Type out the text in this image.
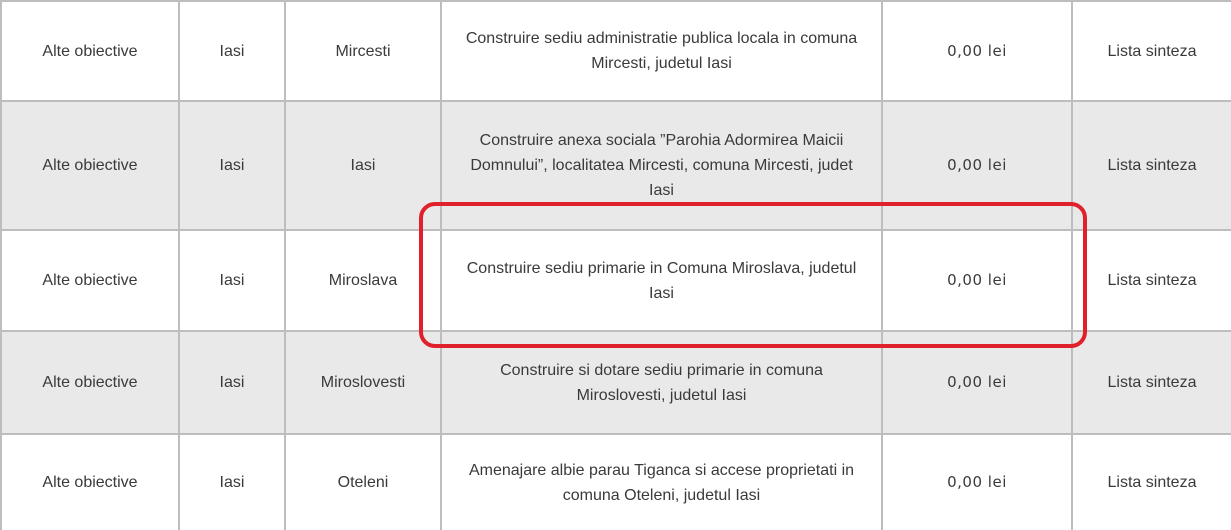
Alte obiective	Iasi	Mircesti	Construire sediu administratie publica locala in comuna Mircesti, judetul Iasi	0,00 lei	Lista sinteza
Alte obiective	Iasi	Iasi	Construire anexa sociala ”Parohia Adormirea Maicii Domnului”, localitatea Mircesti, comuna Mircesti, judet Iasi	0,00 lei	Lista sinteza
Alte obiective	Iasi	Miroslava	Construire sediu primarie in Comuna Miroslava, judetul Iasi	0,00 lei	Lista sinteza
Alte obiective	Iasi	Miroslovesti	Construire si dotare sediu primarie in comuna Miroslovesti, judetul Iasi	0,00 lei	Lista sinteza
Alte obiective	Iasi	Oteleni	Amenajare albie parau Tiganca si accese proprietati in comuna Oteleni, judetul Iasi	0,00 lei	Lista sinteza
